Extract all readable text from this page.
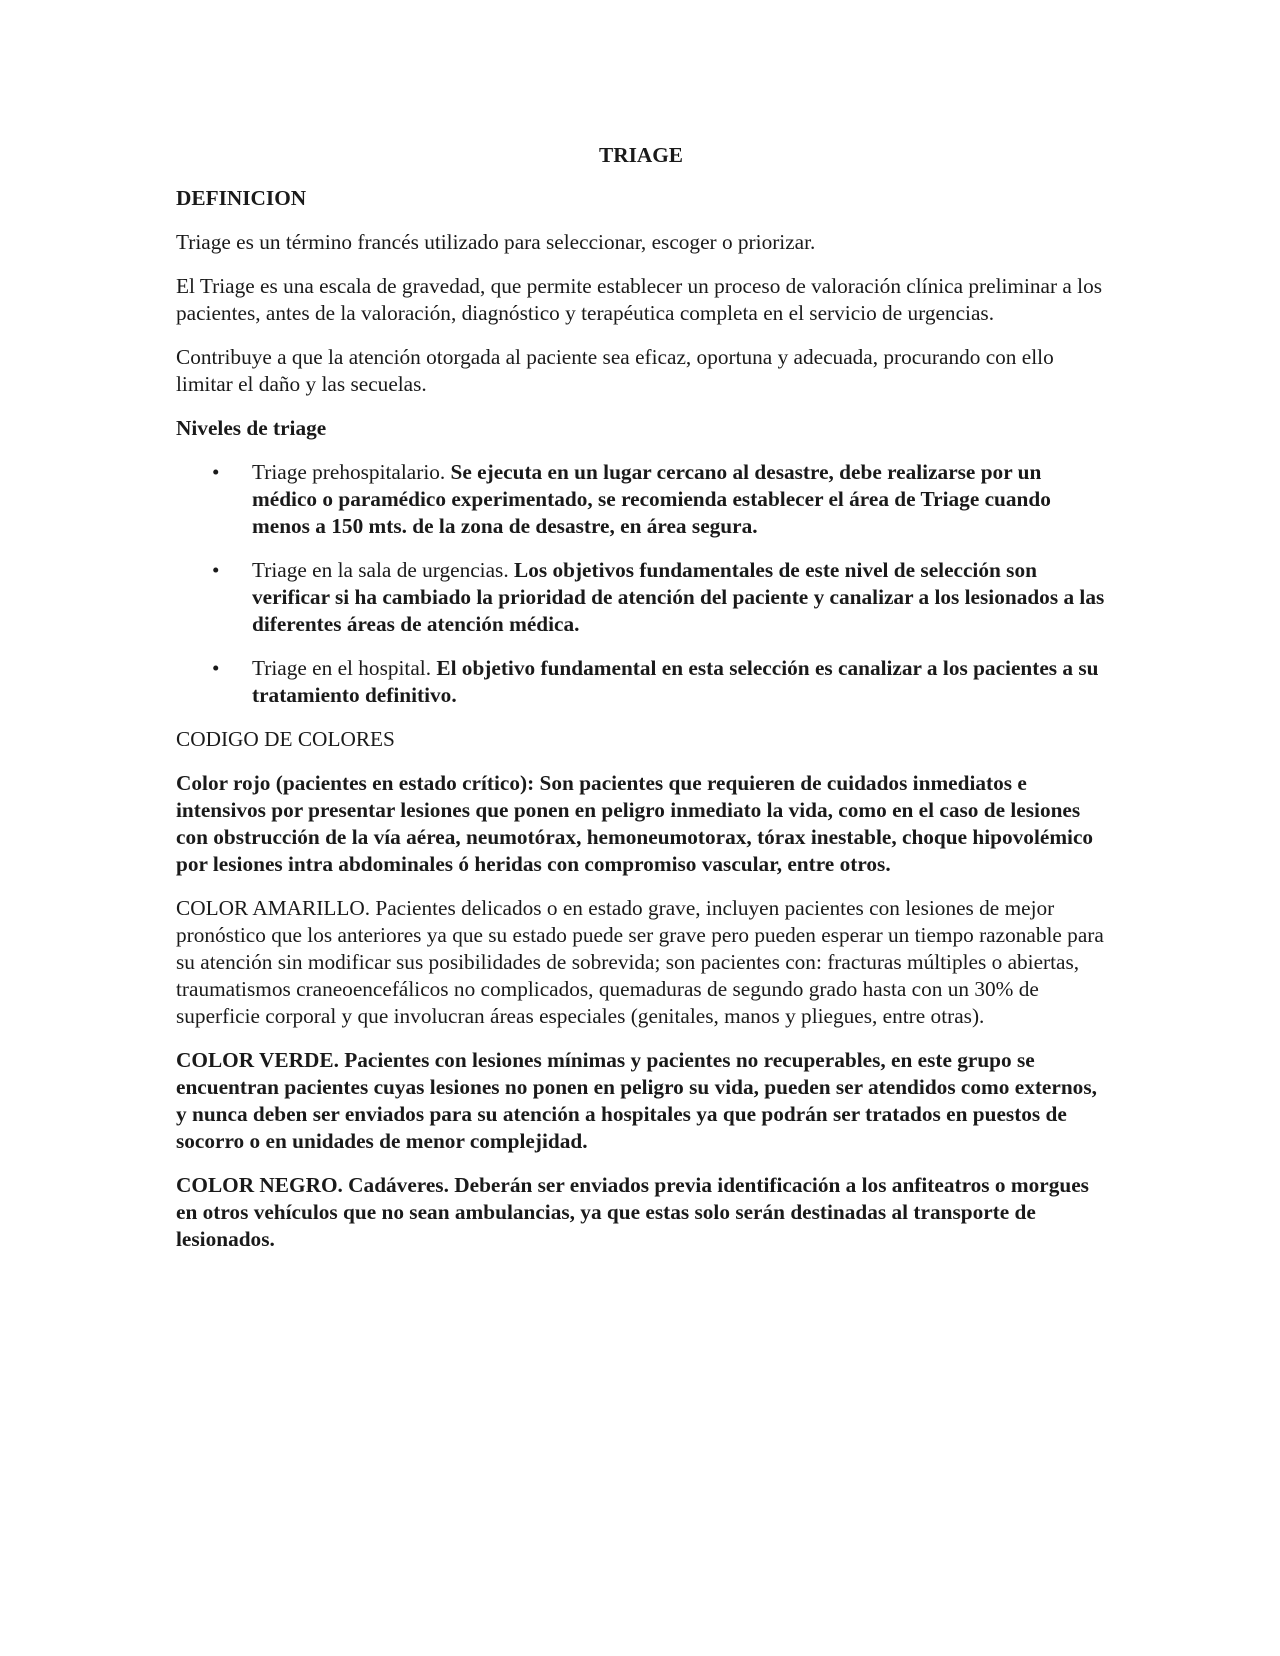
TRIAGE
DEFINICION

Triage es un término francés utilizado para seleccionar, escoger o priorizar.

El Triage es una escala de gravedad, que permite establecer un proceso de valoración clínica preliminar a los pacientes, antes de la valoración, diagnóstico y terapéutica completa en el servicio de urgencias.

Contribuye a que la atención otorgada al paciente sea eficaz, oportuna y adecuada, procurando con ello limitar el daño y las secuelas.

Niveles de triage
• Triage prehospitalario. Se ejecuta en un lugar cercano al desastre, debe realizarse por un médico o paramédico experimentado, se recomienda establecer el área de Triage cuando menos a 150 mts. de la zona de desastre, en área segura.
• Triage en la sala de urgencias. Los objetivos fundamentales de este nivel de selección son verificar si ha cambiado la prioridad de atención del paciente y canalizar a los lesionados a las diferentes áreas de atención médica.
• Triage en el hospital. El objetivo fundamental en esta selección es canalizar a los pacientes a su tratamiento definitivo.
CODIGO DE COLORES

Color rojo (pacientes en estado crítico): Son pacientes que requieren de cuidados inmediatos e intensivos por presentar lesiones que ponen en peligro inmediato la vida, como en el caso de lesiones con obstrucción de la vía aérea, neumotórax, hemoneumotorax, tórax inestable, choque hipovolémico por lesiones intra abdominales ó heridas con compromiso vascular, entre otros.

COLOR AMARILLO. Pacientes delicados o en estado grave, incluyen pacientes con lesiones de mejor pronóstico que los anteriores ya que su estado puede ser grave pero pueden esperar un tiempo razonable para su atención sin modificar sus posibilidades de sobrevida; son pacientes con: fracturas múltiples o abiertas, traumatismos craneoencefálicos no complicados, quemaduras de segundo grado hasta con un 30% de superficie corporal y que involucran áreas especiales (genitales, manos y pliegues, entre otras).

COLOR VERDE. Pacientes con lesiones mínimas y pacientes no recuperables, en este grupo se encuentran pacientes cuyas lesiones no ponen en peligro su vida, pueden ser atendidos como externos, y nunca deben ser enviados para su atención a hospitales ya que podrán ser tratados en puestos de socorro o en unidades de menor complejidad.

COLOR NEGRO. Cadáveres. Deberán ser enviados previa identificación a los anfiteatros o morgues en otros vehículos que no sean ambulancias, ya que estas solo serán destinadas al transporte de lesionados.
